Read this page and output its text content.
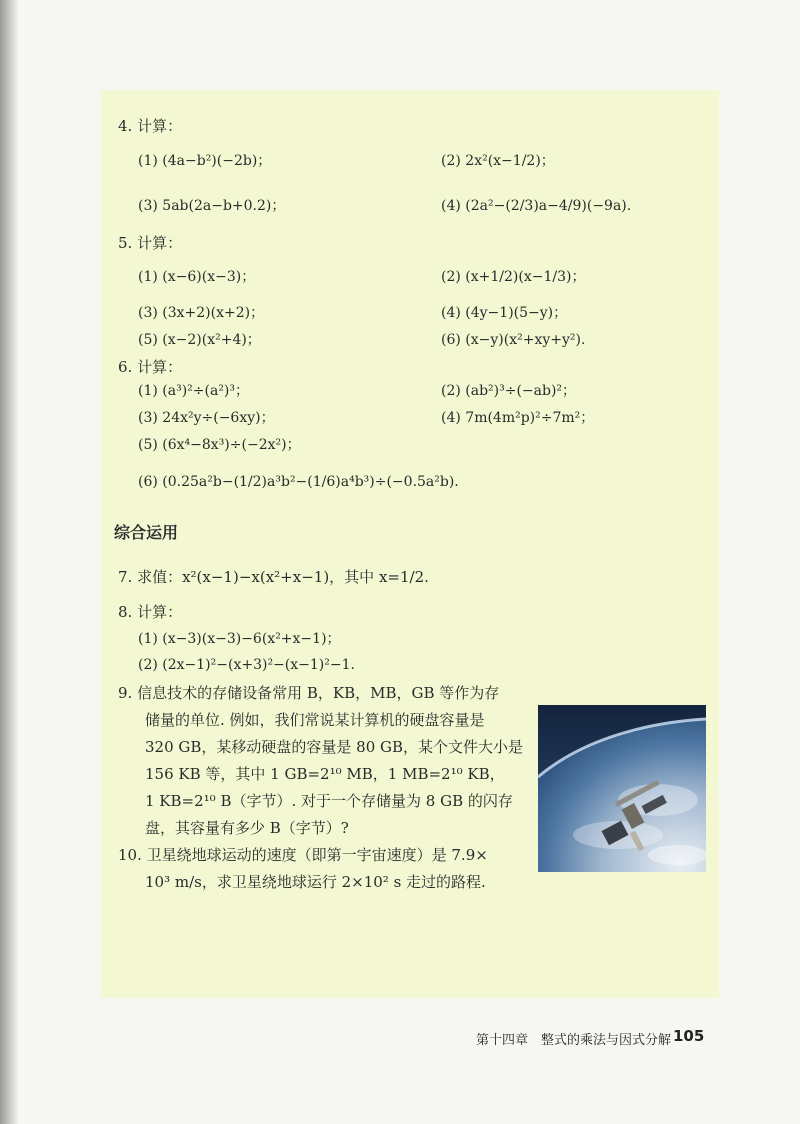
4. 计算：
(1) (4a−b²)(−2b)；	(2) 2x²(x−1/2)；
(3) 5ab(2a−b+0.2)；	(4) (2a²−(2/3)a−4/9)(−9a).
5. 计算：
(1) (x−6)(x−3)；	(2) (x+1/2)(x−1/3)；
(3) (3x+2)(x+2)；	(4) (4y−1)(5−y)；
(5) (x−2)(x²+4)；	(6) (x−y)(x²+xy+y²).
6. 计算：
(1) (a³)²÷(a²)³；	(2) (ab²)³÷(−ab)²；
(3) 24x²y÷(−6xy)；	(4) 7m(4m²p)²÷7m²；
(5) (6x⁴−8x³)÷(−2x²)；
(6) (0.25a²b−(1/2)a³b²−(1/6)a⁴b³)÷(−0.5a²b).
综合运用
7. 求值：x²(x−1)−x(x²+x−1)，其中 x=1/2.
8. 计算：
(1) (x−3)(x−3)−6(x²+x−1)；
(2) (2x−1)²−(x+3)²−(x−1)²−1.
9. 信息技术的存储设备常用 B，KB，MB，GB 等作为存
储量的单位. 例如，我们常说某计算机的硬盘容量是
320 GB，某移动硬盘的容量是 80 GB，某个文件大小是
156 KB 等，其中 1 GB=2¹⁰ MB，1 MB=2¹⁰ KB，
1 KB=2¹⁰ B（字节）. 对于一个存储量为 8 GB 的闪存
盘，其容量有多少 B（字节）?
10. 卫星绕地球运动的速度（即第一宇宙速度）是 7.9×
10³ m/s，求卫星绕地球运行 2×10² s 走过的路程.
第十四章　整式的乘法与因式分解 105
